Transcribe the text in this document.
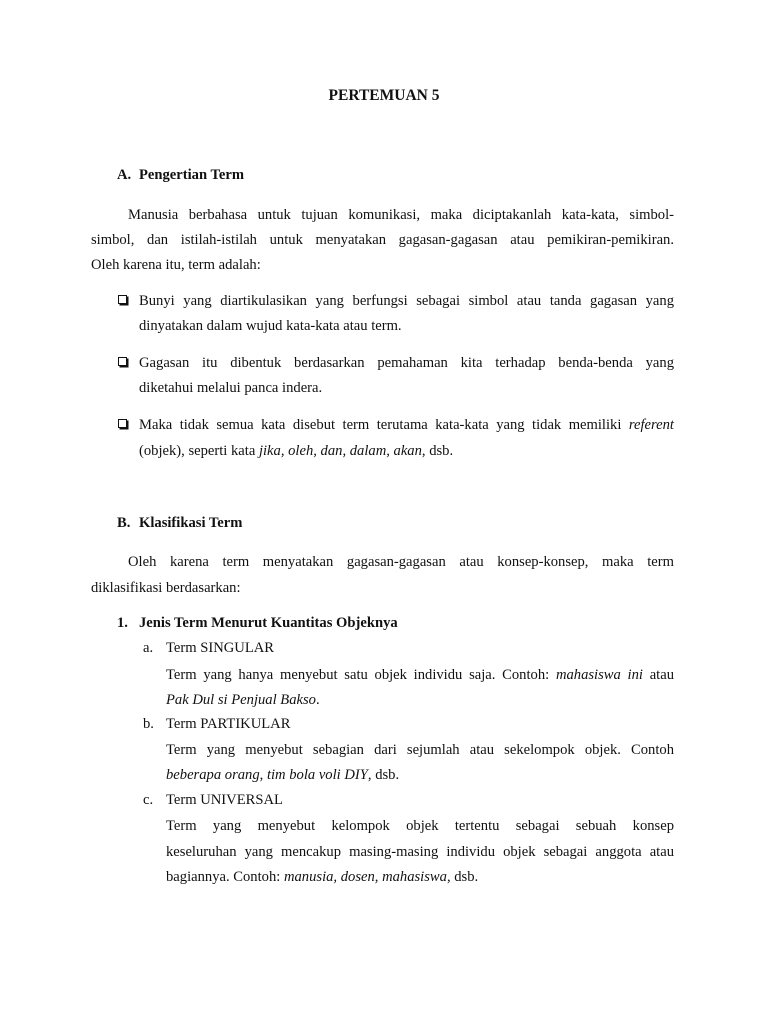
PERTEMUAN 5
A. Pengertian Term
Manusia berbahasa untuk tujuan komunikasi, maka diciptakanlah kata-kata, simbol-
simbol, dan istilah-istilah untuk menyatakan gagasan-gagasan atau pemikiran-pemikiran.
Oleh karena itu, term adalah:
Bunyi yang diartikulasikan yang berfungsi sebagai simbol atau tanda gagasan yang
dinyatakan dalam wujud kata-kata atau term.
Gagasan itu dibentuk berdasarkan pemahaman kita terhadap benda-benda yang
diketahui melalui panca indera.
Maka tidak semua kata disebut term terutama kata-kata yang tidak memiliki referent
(objek), seperti kata jika, oleh, dan, dalam, akan, dsb.
B. Klasifikasi Term
Oleh karena term menyatakan gagasan-gagasan atau konsep-konsep, maka term
diklasifikasi berdasarkan:
1. Jenis Term Menurut Kuantitas Objeknya
a. Term SINGULAR
Term yang hanya menyebut satu objek individu saja. Contoh: mahasiswa ini atau
Pak Dul si Penjual Bakso.
b. Term PARTIKULAR
Term yang menyebut sebagian dari sejumlah atau sekelompok objek. Contoh
beberapa orang, tim bola voli DIY, dsb.
c. Term UNIVERSAL
Term yang menyebut kelompok objek tertentu sebagai sebuah konsep
keseluruhan yang mencakup masing-masing individu objek sebagai anggota atau
bagiannya. Contoh: manusia, dosen, mahasiswa, dsb.
